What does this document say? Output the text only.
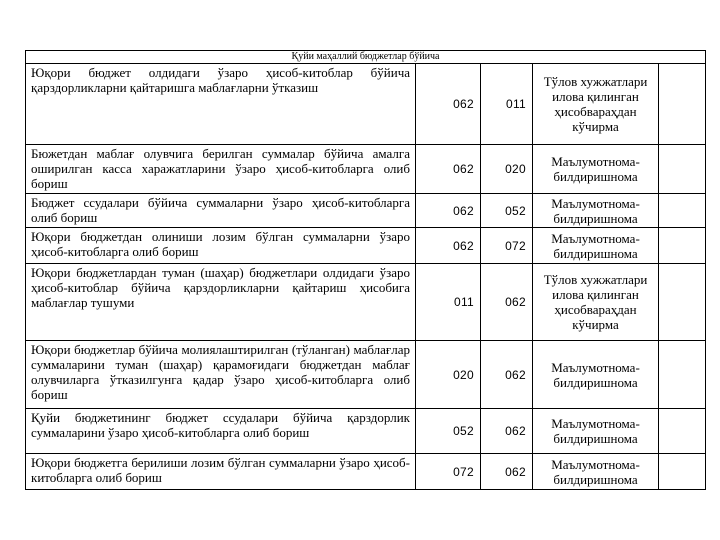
Қуйи маҳаллий бюджетлар бўйича				
Юқори бюджет олдидаги ўзаро ҳисоб-китоблар бўйича қарздорликларни қайтаришга маблағларни ўтказиш	062	011	Тўлов хужжатлари илова қилинган ҳисобвараҳдан кўчирма	
Бюжетдан маблағ олувчига берилган суммалар бўйича амалга оширилган касса харажатларини ўзаро ҳисоб-китобларга олиб бориш	062	020	Маълумотнома-билдиришнома	
Бюджет ссудалари бўйича суммаларни ўзаро ҳисоб-китобларга олиб бориш	062	052	Маълумотнома-билдиришнома	
Юқори бюджетдан олиниши лозим бўлган суммаларни ўзаро ҳисоб-китобларга олиб бориш	062	072	Маълумотнома-билдиришнома	
Юқори бюджетлардан туман (шаҳар) бюджетлари олдидаги ўзаро ҳисоб-китоблар бўйича қарздорликларни қайтариш ҳисобига маблағлар тушуми	011	062	Тўлов хужжатлари илова қилинган ҳисобвараҳдан кўчирма	
Юқори бюджетлар бўйича молиялаштирилган (тўланган) маблағлар суммаларини туман (шаҳар) қарамоғидаги бюджетдан маблағ олувчиларга ўтказилгунга қадар ўзаро ҳисоб-китобларга олиб бориш	020	062	Маълумотнома-билдиришнома	
Қуйи бюджетининг бюджет ссудалари бўйича қарздорлик суммаларини ўзаро ҳисоб-китобларга олиб бориш	052	062	Маълумотнома-билдиришнома	
Юқори бюджетга берилиши лозим бўлган суммаларни ўзаро ҳисоб-китобларга олиб бориш	072	062	Маълумотнома-билдиришнома	
